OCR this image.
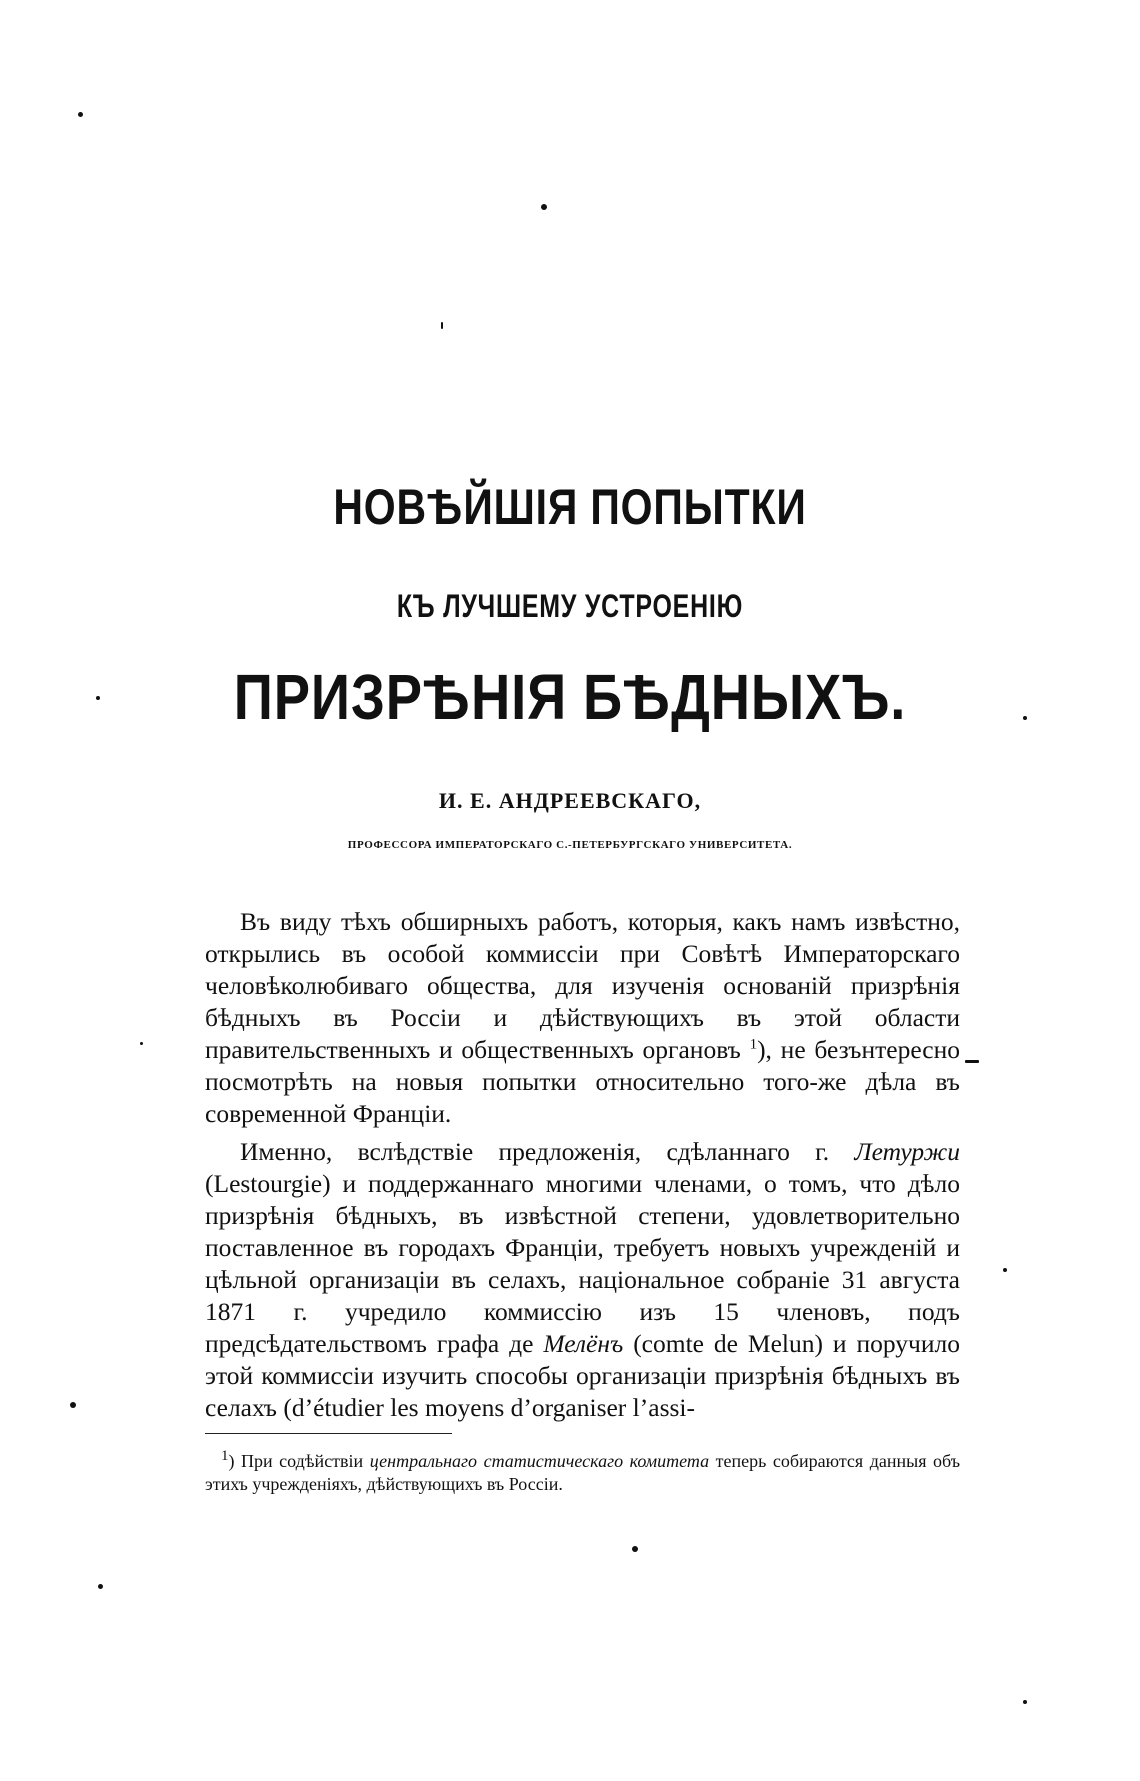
НОВѢЙШІЯ ПОПЫТКИ
КЪ ЛУЧШЕМУ УСТРОЕНІЮ
ПРИЗРѢНІЯ БѢДНЫХЪ.
И. Е. АНДРЕЕВСКАГО,
ПРОФЕССОРА ИМПЕРАТОРСКАГО С.-ПЕТЕРБУРГСКАГО УНИВЕРСИТЕТА.

Въ виду тѣхъ обширныхъ работъ, которыя, какъ намъ извѣстно, открылись въ особой коммиссіи при Совѣтѣ Императорскаго человѣколюбиваго общества, для изученія основаній призрѣнія бѣдныхъ въ Россіи и дѣйствующихъ въ этой области правительственныхъ и общественныхъ органовъ $^1$), не безънтересно посмотрѣть на новыя попытки относительно того-же дѣла въ современной Франціи.

Именно, вслѣдствіе предложенія, сдѣланнаго г. Летуржи (Lestourgie) и поддержаннаго многими членами, о томъ, что дѣло призрѣнія бѣдныхъ, въ извѣстной степени, удовлетворительно поставленное въ городахъ Франціи, требуетъ новыхъ учрежденій и цѣльной организаціи въ селахъ, національное собраніе 31 августа 1871 г. учредило коммиссію изъ 15 членовъ, подъ предсѣдательствомъ графа де Мелёнъ (comte de Melun) и поручило этой коммиссіи изучить способы организаціи призрѣнія бѣдныхъ въ селахъ (d’étudier les moyens d’organiser l’assi-

$^1$) При содѣйствіи центральнаго статистическаго комитета теперь собираются данныя объ этихъ учрежденіяхъ, дѣйствующихъ въ Россіи.
